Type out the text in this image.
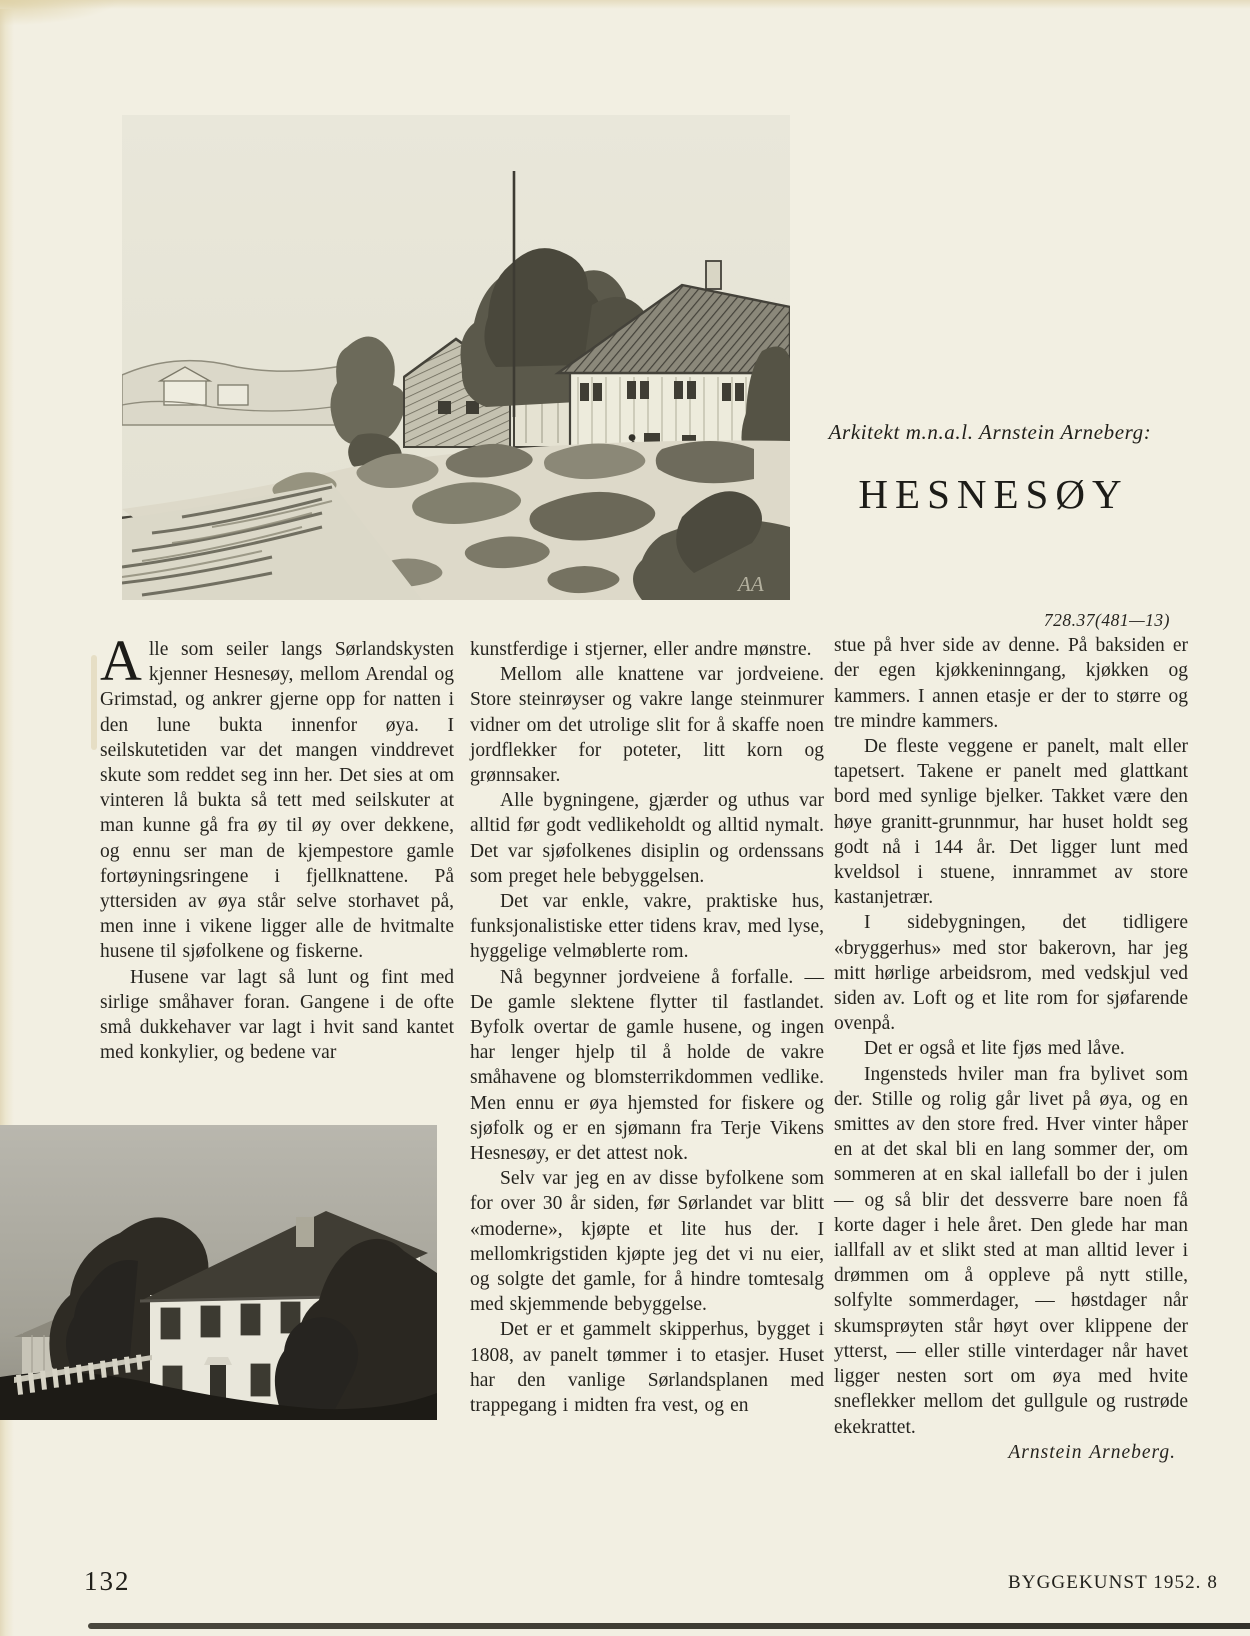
AA
Arkitekt m.n.a.l. Arnstein Arneberg:
HESNESØY

Alle som seiler langs Sørlandskysten kjenner Hesnesøy, mellom Arendal og Grimstad, og ankrer gjerne opp for natten i den lune bukta innenfor øya. I seilskutetiden var det mangen vinddrevet skute som reddet seg inn her. Det sies at om vinteren lå bukta så tett med seilskuter at man kunne gå fra øy til øy over dekkene, og ennu ser man de kjempestore gamle fortøyningsringene i fjellknattene. På yttersiden av øya står selve storhavet på, men inne i vikene ligger alle de hvitmalte husene til sjøfolkene og fiskerne.

Husene var lagt så lunt og fint med sirlige småhaver foran. Gangene i de ofte små dukkehaver var lagt i hvit sand kantet med konkylier, og bedene var

kunstferdige i stjerner, eller andre mønstre.

Mellom alle knattene var jordveiene. Store steinrøyser og vakre lange steinmurer vidner om det utrolige slit for å skaffe noen jordflekker for poteter, litt korn og grønnsaker.

Alle bygningene, gjærder og uthus var alltid før godt vedlikeholdt og alltid nymalt. Det var sjøfolkenes disiplin og ordenssans som preget hele bebyggelsen.

Det var enkle, vakre, praktiske hus, funksjonalistiske etter tidens krav, med lyse, hyggelige velmøblerte rom.

Nå begynner jordveiene å forfalle. — De gamle slektene flytter til fastlandet. Byfolk overtar de gamle husene, og ingen har lenger hjelp til å holde de vakre småhavene og blomsterrikdommen vedlike. Men ennu er øya hjemsted for fiskere og sjøfolk og er en sjømann fra Terje Vikens Hesnesøy, er det attest nok.

Selv var jeg en av disse byfolkene som for over 30 år siden, før Sørlandet var blitt «moderne», kjøpte et lite hus der. I mellomkrigstiden kjøpte jeg det vi nu eier, og solgte det gamle, for å hindre tomtesalg med skjemmende bebyggelse.

Det er et gammelt skipperhus, bygget i 1808, av panelt tømmer i to etasjer. Huset har den vanlige Sørlandsplanen med trappegang i midten fra vest, og en

728.37(481—13)

stue på hver side av denne. På baksiden er der egen kjøkkeninngang, kjøkken og kammers. I annen etasje er der to større og tre mindre kammers.

De fleste veggene er panelt, malt eller tapetsert. Takene er panelt med glattkant bord med synlige bjelker. Takket være den høye granitt-grunnmur, har huset holdt seg godt nå i 144 år. Det ligger lunt med kveldsol i stuene, innrammet av store kastanjetrær.

I sidebygningen, det tidligere «bryggerhus» med stor bakerovn, har jeg mitt hørlige arbeidsrom, med vedskjul ved siden av. Loft og et lite rom for sjøfarende ovenpå.

Det er også et lite fjøs med låve.

Ingensteds hviler man fra bylivet som der. Stille og rolig går livet på øya, og en smittes av den store fred. Hver vinter håper en at det skal bli en lang sommer der, om sommeren at en skal iallefall bo der i julen — og så blir det dessverre bare noen få korte dager i hele året. Den glede har man iallfall av et slikt sted at man alltid lever i drømmen om å oppleve på nytt stille, solfylte sommerdager, — høstdager når skumsprøyten står høyt over klippene der ytterst, — eller stille vinterdager når havet ligger nesten sort om øya med hvite sneflekker mellom det gullgule og rustrøde ekekrattet.

Arnstein Arneberg.

132	BYGGEKUNST 1952. 8
